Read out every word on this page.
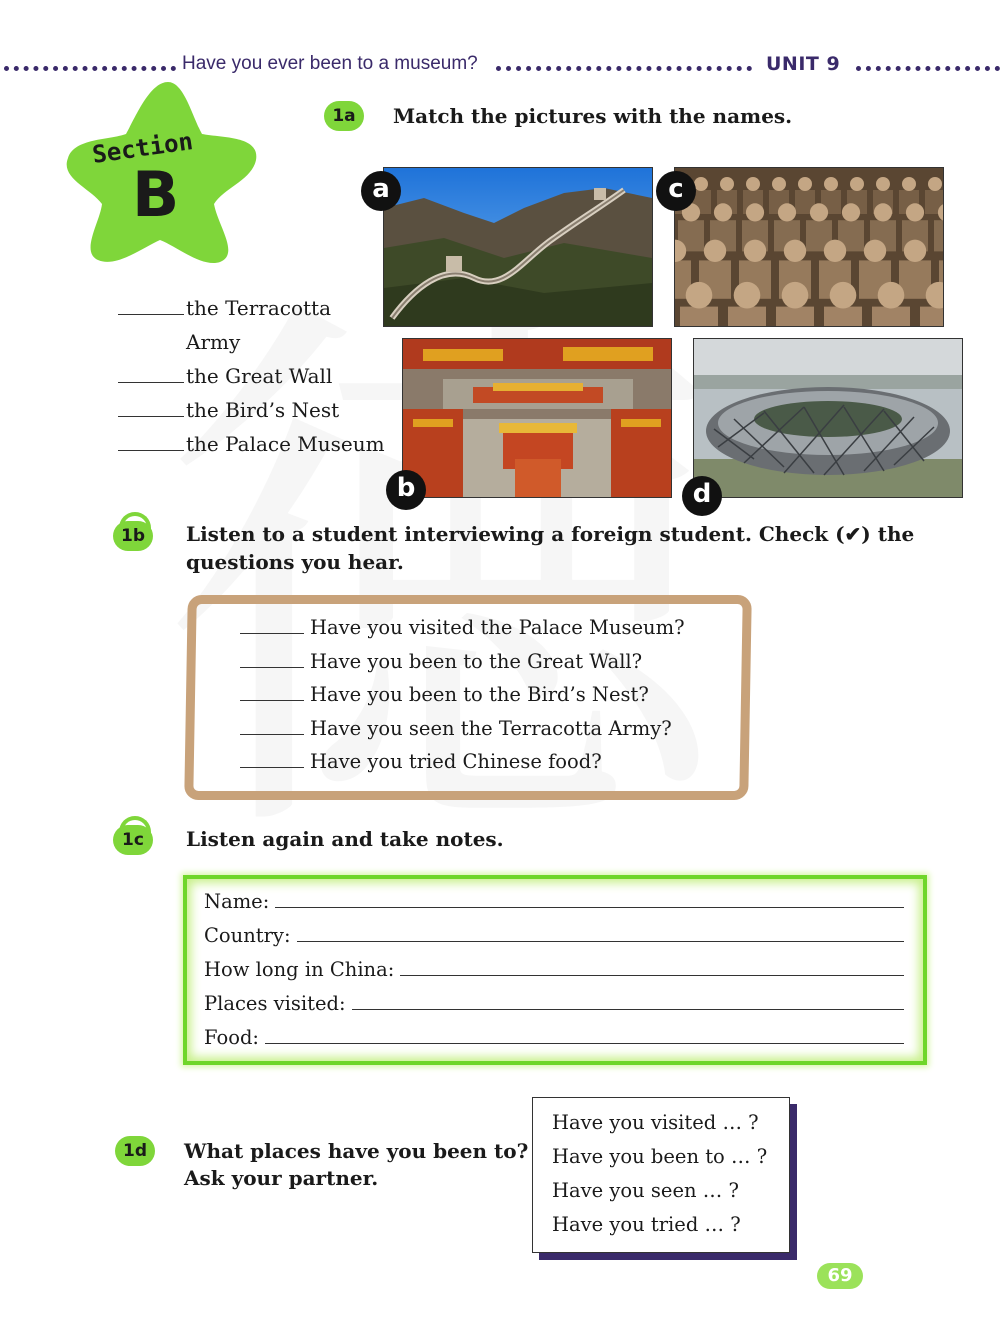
Have you ever been to a museum?	UNIT 9
Section
B
1a	Match the pictures with the names.
the Terracotta
Army
the Great Wall
the Bird’s Nest
the Palace Museum
a	c
b	d
1b	Listen to a student interviewing a foreign student. Check (✔) the
questions you hear.
Have you visited the Palace Museum?
Have you been to the Great Wall?
Have you been to the Bird’s Nest?
Have you seen the Terracotta Army?
Have you tried Chinese food?
1c	Listen again and take notes.
Name:
Country:
How long in China:
Places visited:
Food:
1d	What places have you been to?
Ask your partner.
Have you visited … ?
Have you been to … ?
Have you seen … ?
Have you tried … ?
69
